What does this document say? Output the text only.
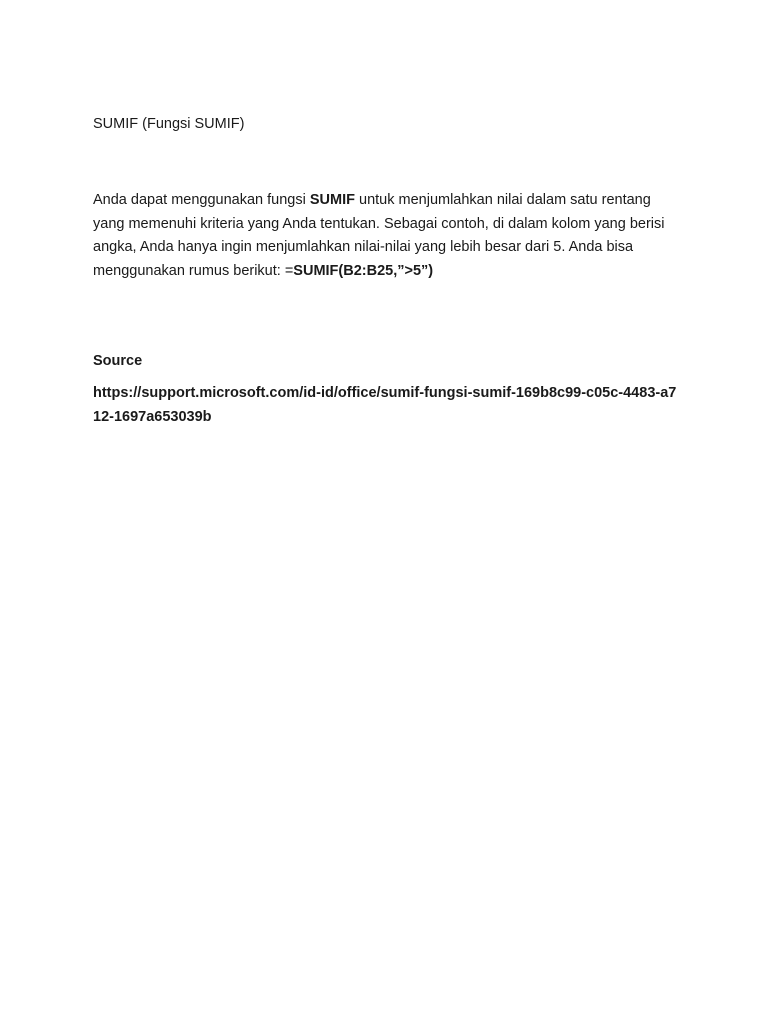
SUMIF (Fungsi SUMIF)

Anda dapat menggunakan fungsi SUMIF untuk menjumlahkan nilai dalam satu rentang yang memenuhi kriteria yang Anda tentukan. Sebagai contoh, di dalam kolom yang berisi angka, Anda hanya ingin menjumlahkan nilai-nilai yang lebih besar dari 5. Anda bisa menggunakan rumus berikut: =SUMIF(B2:B25,”>5”)

Source

https://support.microsoft.com/id-id/office/sumif-fungsi-sumif-169b8c99-c05c-4483-a712-1697a653039b
